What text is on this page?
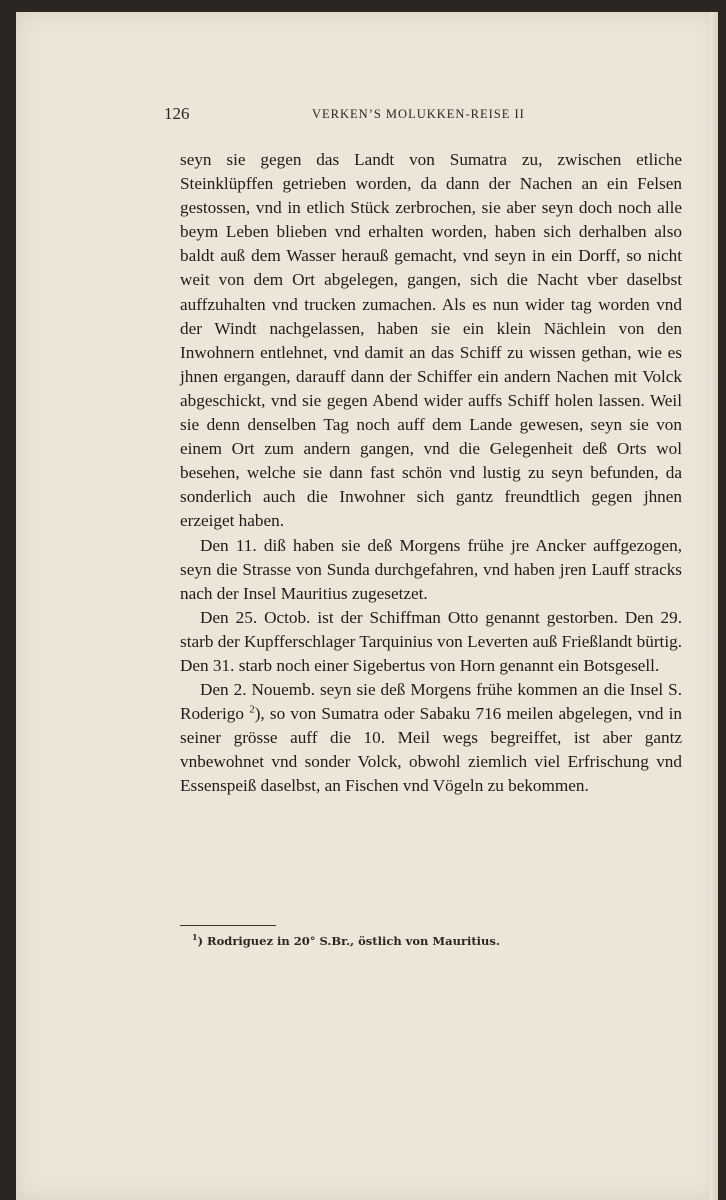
126	VERKEN’S MOLUKKEN-REISE II

seyn sie gegen das Landt von Sumatra zu, zwischen etliche Steinklüpffen getrieben worden, da dann der Nachen an ein Felsen gestossen, vnd in etlich Stück zerbrochen, sie aber seyn doch noch alle beym Leben blieben vnd erhalten worden, haben sich derhalben also baldt auß dem Wasser herauß gemacht, vnd seyn in ein Dorff, so nicht weit von dem Ort abgelegen, gangen, sich die Nacht vber daselbst auffzuhalten vnd trucken zumachen. Als es nun wider tag worden vnd der Windt nachgelassen, haben sie ein klein Nächlein von den Inwohnern entlehnet, vnd damit an das Schiff zu wissen gethan, wie es jhnen ergangen, darauff dann der Schiffer ein andern Nachen mit Volck abgeschickt, vnd sie gegen Abend wider auffs Schiff holen lassen. Weil sie denn denselben Tag noch auff dem Lande gewesen, seyn sie von einem Ort zum andern gangen, vnd die Gelegenheit deß Orts wol besehen, welche sie dann fast schön vnd lustig zu seyn befunden, da sonderlich auch die Inwohner sich gantz freundtlich gegen jhnen erzeiget haben.

Den 11. diß haben sie deß Morgens frühe jre Ancker auffgezogen, seyn die Strasse von Sunda durchgefahren, vnd haben jren Lauff stracks nach der Insel Mauritius zugesetzet.

Den 25. Octob. ist der Schiffman Otto genannt gestorben. Den 29. starb der Kupfferschlager Tarquinius von Leverten auß Frießlandt bürtig. Den 31. starb noch einer Sigebertus von Horn genannt ein Botsgesell.

Den 2. Nouemb. seyn sie deß Morgens frühe kommen an die Insel S. Roderigo $^2$), so von Sumatra oder Sabaku 716 meilen abgelegen, vnd in seiner grösse auff die 10. Meil wegs begreiffet, ist aber gantz vnbewohnet vnd sonder Volck, obwohl ziemlich viel Erfrischung vnd Essenspeiß daselbst, an Fischen vnd Vögeln zu bekommen.

$^1$) Rodriguez in 20° S.Br., östlich von Mauritius.
